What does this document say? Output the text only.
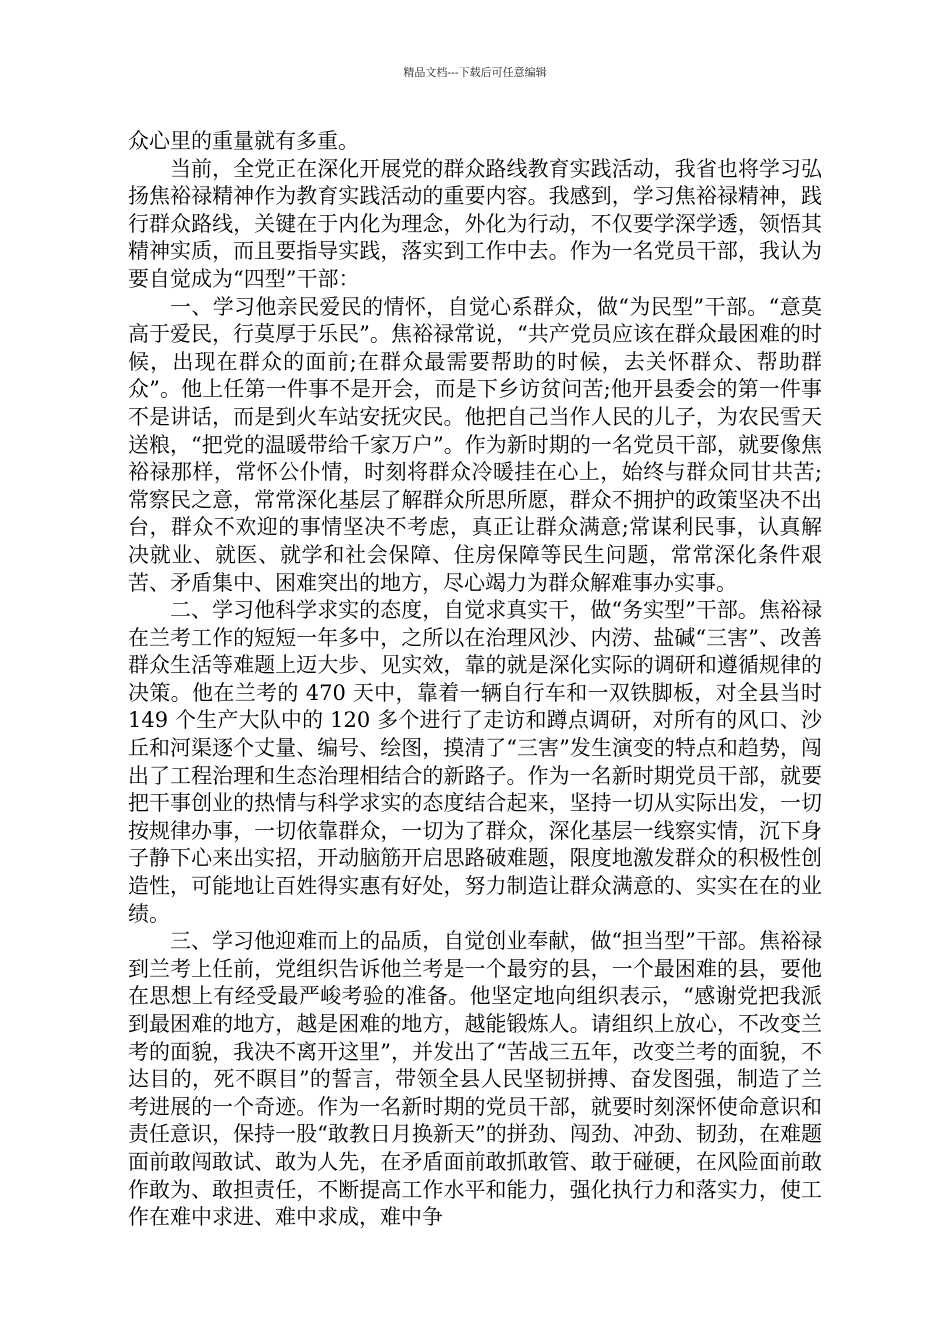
精品文档---下载后可任意编辑

众心里的重量就有多重。

当前，全党正在深化开展党的群众路线教育实践活动，我省也将学习弘扬焦裕禄精神作为教育实践活动的重要内容。我感到，学习焦裕禄精神，践行群众路线，关键在于内化为理念，外化为行动，不仅要学深学透，领悟其精神实质，而且要指导实践，落实到工作中去。作为一名党员干部，我认为要自觉成为“四型”干部：

一、学习他亲民爱民的情怀，自觉心系群众，做“为民型”干部。“意莫高于爱民，行莫厚于乐民”。焦裕禄常说，“共产党员应该在群众最困难的时候，出现在群众的面前;在群众最需要帮助的时候，去关怀群众、帮助群众”。他上任第一件事不是开会，而是下乡访贫问苦;他开县委会的第一件事不是讲话，而是到火车站安抚灾民。他把自己当作人民的儿子，为农民雪天送粮，“把党的温暖带给千家万户”。作为新时期的一名党员干部，就要像焦裕禄那样，常怀公仆情，时刻将群众冷暖挂在心上，始终与群众同甘共苦;常察民之意，常常深化基层了解群众所思所愿，群众不拥护的政策坚决不出台，群众不欢迎的事情坚决不考虑，真正让群众满意;常谋利民事，认真解决就业、就医、就学和社会保障、住房保障等民生问题，常常深化条件艰苦、矛盾集中、困难突出的地方，尽心竭力为群众解难事办实事。

二、学习他科学求实的态度，自觉求真实干，做“务实型”干部。焦裕禄在兰考工作的短短一年多中，之所以在治理风沙、内涝、盐碱“三害”、改善群众生活等难题上迈大步、见实效，靠的就是深化实际的调研和遵循规律的决策。他在兰考的 470 天中，靠着一辆自行车和一双铁脚板，对全县当时 149 个生产大队中的 120 多个进行了走访和蹲点调研，对所有的风口、沙丘和河渠逐个丈量、编号、绘图，摸清了“三害”发生演变的特点和趋势，闯出了工程治理和生态治理相结合的新路子。作为一名新时期党员干部，就要把干事创业的热情与科学求实的态度结合起来，坚持一切从实际出发，一切按规律办事，一切依靠群众，一切为了群众，深化基层一线察实情，沉下身子静下心来出实招，开动脑筋开启思路破难题，限度地激发群众的积极性创造性，可能地让百姓得实惠有好处，努力制造让群众满意的、实实在在的业绩。

三、学习他迎难而上的品质，自觉创业奉献，做“担当型”干部。焦裕禄到兰考上任前，党组织告诉他兰考是一个最穷的县，一个最困难的县，要他在思想上有经受最严峻考验的准备。他坚定地向组织表示，“感谢党把我派到最困难的地方，越是困难的地方，越能锻炼人。请组织上放心，不改变兰考的面貌，我决不离开这里”，并发出了“苦战三五年，改变兰考的面貌，不达目的，死不瞑目”的誓言，带领全县人民坚韧拼搏、奋发图强，制造了兰考进展的一个奇迹。作为一名新时期的党员干部，就要时刻深怀使命意识和责任意识，保持一股“敢教日月换新天”的拼劲、闯劲、冲劲、韧劲，在难题面前敢闯敢试、敢为人先，在矛盾面前敢抓敢管、敢于碰硬，在风险面前敢作敢为、敢担责任，不断提高工作水平和能力，强化执行力和落实力，使工作在难中求进、难中求成，难中争
